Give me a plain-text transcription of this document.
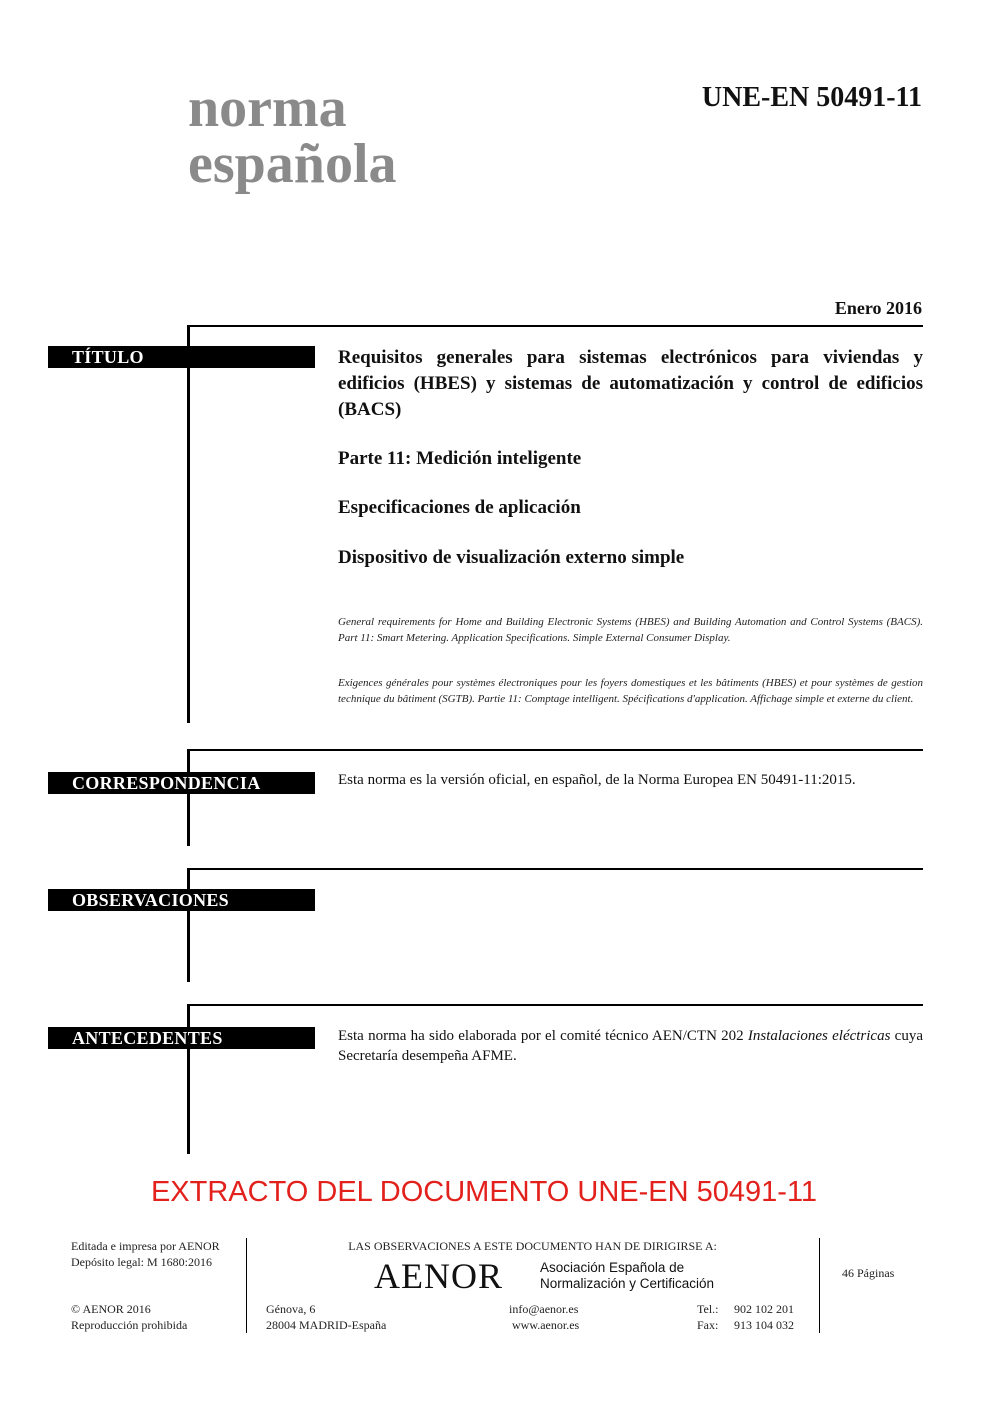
norma
española
UNE-EN 50491-11
Enero 2016
TÍTULO	Requisitos generales para sistemas electrónicos para viviendas y edificios (HBES) y sistemas de automatización y control de edificios (BACS)
Parte 11: Medición inteligente
Especificaciones de aplicación
Dispositivo de visualización externo simple
General requirements for Home and Building Electronic Systems (HBES) and Building Automation and Control Systems (BACS). Part 11: Smart Metering. Application Specifications. Simple External Consumer Display.
Exigences générales pour systèmes électroniques pour les foyers domestiques et les bâtiments (HBES) et pour systèmes de gestion technique du bâtiment (SGTB). Partie 11: Comptage intelligent. Spécifications d'application. Affichage simple et externe du client.
CORRESPONDENCIA	Esta norma es la versión oficial, en español, de la Norma Europea EN 50491-11:2015.
OBSERVACIONES
ANTECEDENTES	Esta norma ha sido elaborada por el comité técnico AEN/CTN 202 Instalaciones eléctricas cuya Secretaría desempeña AFME.
EXTRACTO DEL DOCUMENTO UNE-EN 50491-11
Editada e impresa por AENOR
Depósito legal: M 1680:2016
© AENOR 2016
Reproducción prohibida
LAS OBSERVACIONES A ESTE DOCUMENTO HAN DE DIRIGIRSE A:
AENOR	Asociación Española de
Normalización y Certificación
Génova, 6
28004 MADRID-España
info@aenor.es
www.aenor.es
Tel.: 902 102 201
Fax: 913 104 032
46 Páginas
